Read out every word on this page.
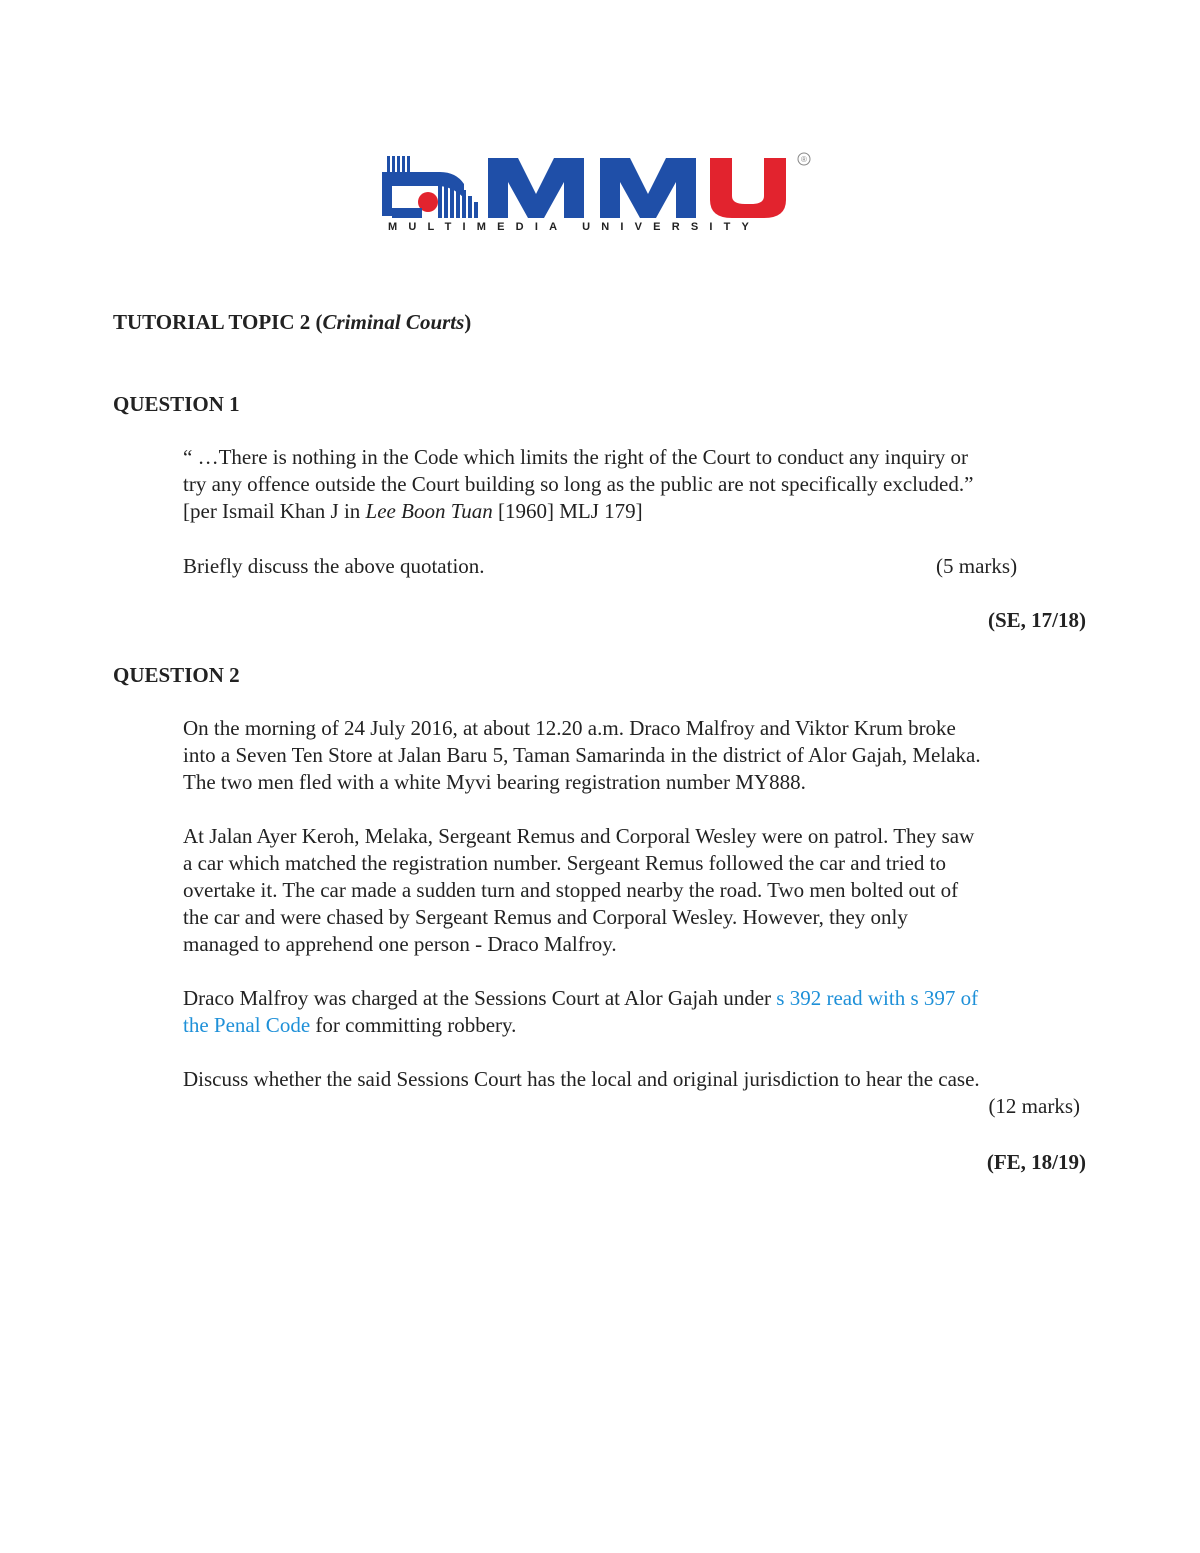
®
MULTIMEDIA UNIVERSITY
TUTORIAL TOPIC 2 (Criminal Courts)
QUESTION 1
“ …There is nothing in the Code which limits the right of the Court to conduct any inquiry or
try any offence outside the Court building so long as the public are not specifically excluded.”
[per Ismail Khan J in Lee Boon Tuan [1960] MLJ 179]
Briefly discuss the above quotation.	(5 marks)
(SE, 17/18)
QUESTION 2
On the morning of 24 July 2016, at about 12.20 a.m. Draco Malfroy and Viktor Krum broke
into a Seven Ten Store at Jalan Baru 5, Taman Samarinda in the district of Alor Gajah, Melaka.
The two men fled with a white Myvi bearing registration number MY888.
At Jalan Ayer Keroh, Melaka, Sergeant Remus and Corporal Wesley were on patrol. They saw
a car which matched the registration number. Sergeant Remus followed the car and tried to
overtake it. The car made a sudden turn and stopped nearby the road. Two men bolted out of
the car and were chased by Sergeant Remus and Corporal Wesley. However, they only
managed to apprehend one person - Draco Malfroy.
Draco Malfroy was charged at the Sessions Court at Alor Gajah under s 392 read with s 397 of
the Penal Code for committing robbery.
Discuss whether the said Sessions Court has the local and original jurisdiction to hear the case.
(12 marks)
(FE, 18/19)
